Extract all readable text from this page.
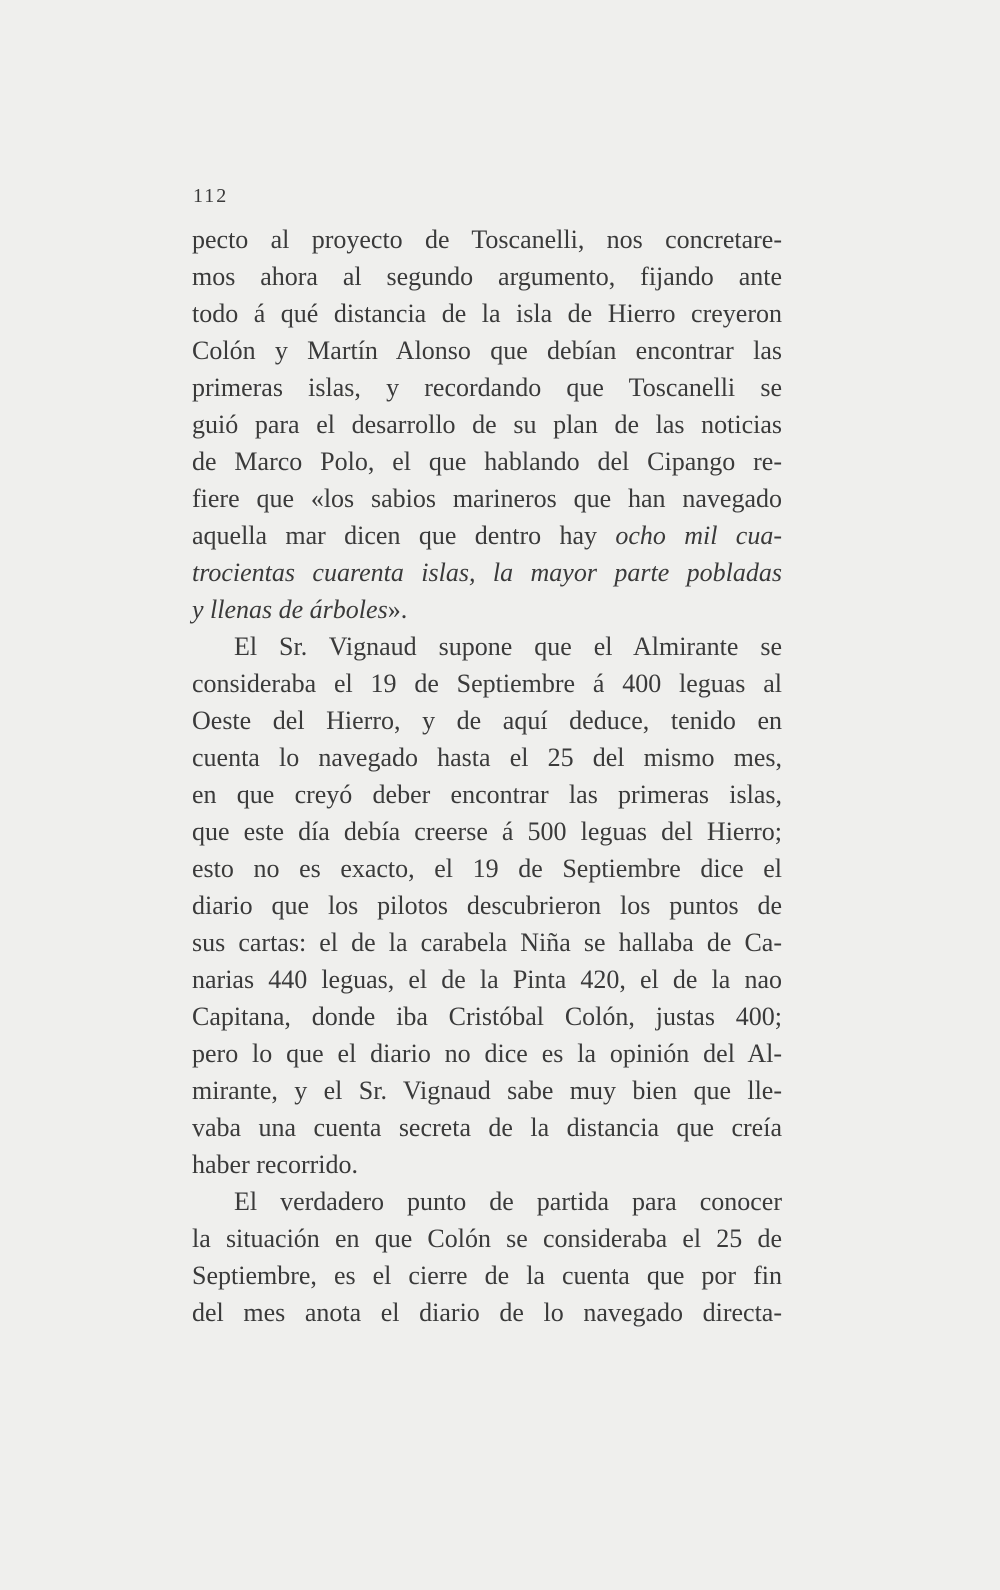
112
pecto al proyecto de Toscanelli, nos concretare-
mos ahora al segundo argumento, fijando ante
todo á qué distancia de la isla de Hierro creyeron
Colón y Martín Alonso que debían encontrar las
primeras islas, y recordando que Toscanelli se
guió para el desarrollo de su plan de las noticias
de Marco Polo, el que hablando del Cipango re-
fiere que «los sabios marineros que han navegado
aquella mar dicen que dentro hay ocho mil cua-
trocientas cuarenta islas, la mayor parte pobladas
y llenas de árboles».
El Sr. Vignaud supone que el Almirante se
consideraba el 19 de Septiembre á 400 leguas al
Oeste del Hierro, y de aquí deduce, tenido en
cuenta lo navegado hasta el 25 del mismo mes,
en que creyó deber encontrar las primeras islas,
que este día debía creerse á 500 leguas del Hierro;
esto no es exacto, el 19 de Septiembre dice el
diario que los pilotos descubrieron los puntos de
sus cartas: el de la carabela Niña se hallaba de Ca-
narias 440 leguas, el de la Pinta 420, el de la nao
Capitana, donde iba Cristóbal Colón, justas 400;
pero lo que el diario no dice es la opinión del Al-
mirante, y el Sr. Vignaud sabe muy bien que lle-
vaba una cuenta secreta de la distancia que creía
haber recorrido.
El verdadero punto de partida para conocer
la situación en que Colón se consideraba el 25 de
Septiembre, es el cierre de la cuenta que por fin
del mes anota el diario de lo navegado directa-
